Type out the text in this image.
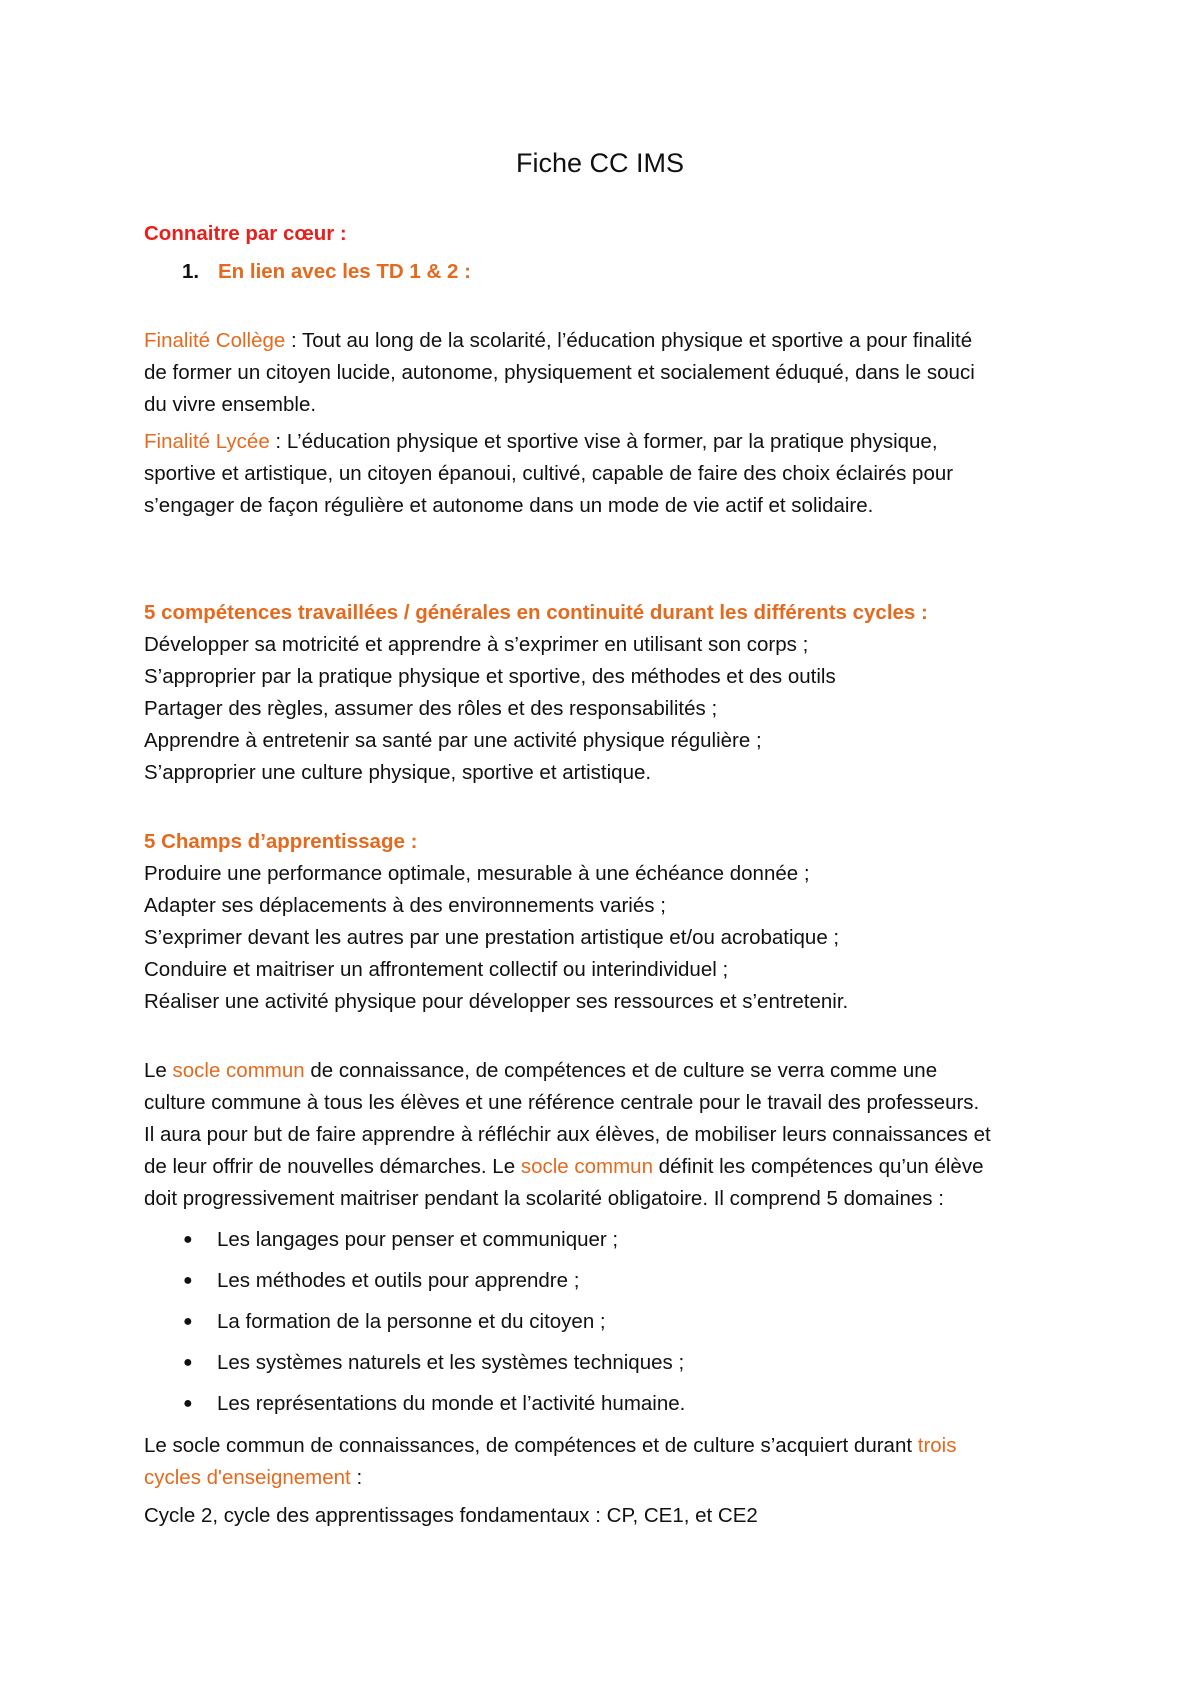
Fiche CC IMS
Connaitre par cœur :
1. En lien avec les TD 1 & 2 :
Finalité Collège : Tout au long de la scolarité, l’éducation physique et sportive a pour finalité
de former un citoyen lucide, autonome, physiquement et socialement éduqué, dans le souci
du vivre ensemble.
Finalité Lycée : L’éducation physique et sportive vise à former, par la pratique physique,
sportive et artistique, un citoyen épanoui, cultivé, capable de faire des choix éclairés pour
s’engager de façon régulière et autonome dans un mode de vie actif et solidaire.
5 compétences travaillées / générales en continuité durant les différents cycles :
Développer sa motricité et apprendre à s’exprimer en utilisant son corps ;
S’approprier par la pratique physique et sportive, des méthodes et des outils
Partager des règles, assumer des rôles et des responsabilités ;
Apprendre à entretenir sa santé par une activité physique régulière ;
S’approprier une culture physique, sportive et artistique.
5 Champs d’apprentissage :
Produire une performance optimale, mesurable à une échéance donnée ;
Adapter ses déplacements à des environnements variés ;
S’exprimer devant les autres par une prestation artistique et/ou acrobatique ;
Conduire et maitriser un affrontement collectif ou interindividuel ;
Réaliser une activité physique pour développer ses ressources et s’entretenir.
Le socle commun de connaissance, de compétences et de culture se verra comme une
culture commune à tous les élèves et une référence centrale pour le travail des professeurs.
Il aura pour but de faire apprendre à réfléchir aux élèves, de mobiliser leurs connaissances et
de leur offrir de nouvelles démarches. Le socle commun définit les compétences qu’un élève
doit progressivement maitriser pendant la scolarité obligatoire. Il comprend 5 domaines :
● Les langages pour penser et communiquer ;
● Les méthodes et outils pour apprendre ;
● La formation de la personne et du citoyen ;
● Les systèmes naturels et les systèmes techniques ;
● Les représentations du monde et l’activité humaine.
Le socle commun de connaissances, de compétences et de culture s’acquiert durant trois
cycles d'enseignement :
Cycle 2, cycle des apprentissages fondamentaux : CP, CE1, et CE2
